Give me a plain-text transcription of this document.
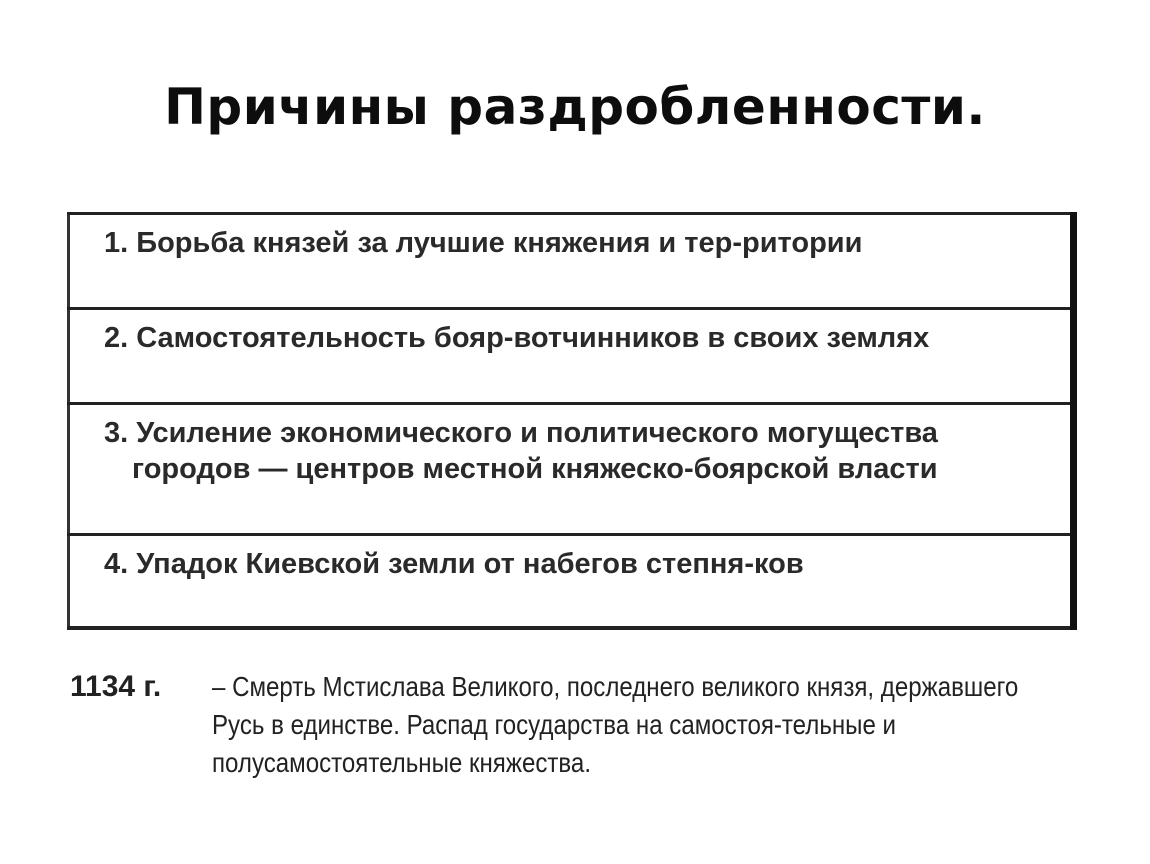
Причины раздробленности.
1. Борьба князей за лучшие княжения и тер-ритории

2. Самостоятельность бояр-вотчинников в своих землях

3. Усиление экономического и политического могущества городов — центров местной княжеско-боярской власти

4. Упадок Киевской земли от набегов степня-ков
1134 г. – Смерть Мстислава Великого, последнего великого князя, державшего Русь в единстве. Распад государства на самостоя-тельные и полусамостоятельные княжества.
